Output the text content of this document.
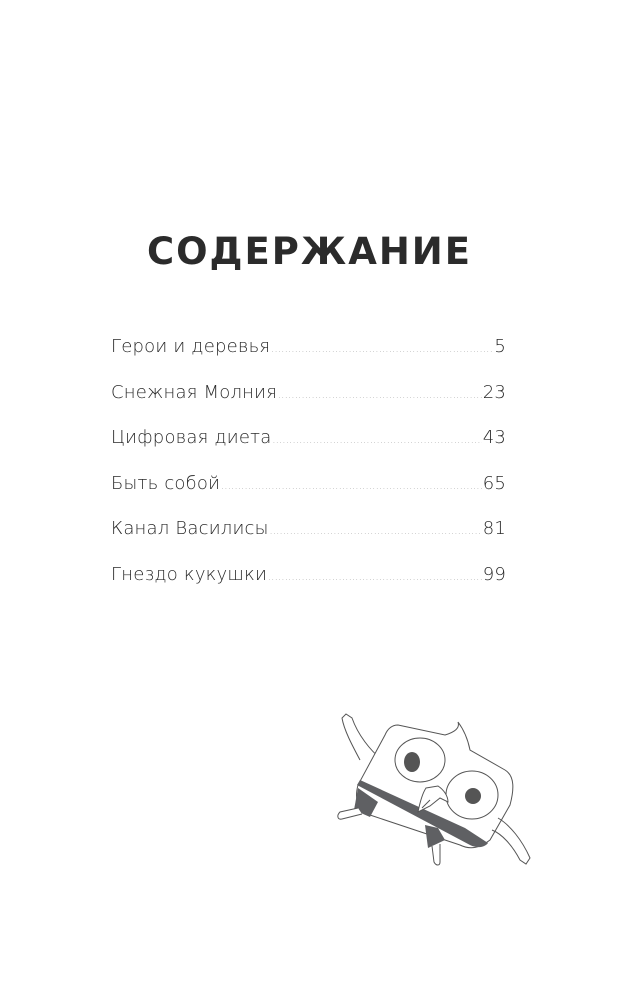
СОДЕРЖАНИЕ
Герои и деревья .....	5
Снежная Молния .....	23
Цифровая диета .....	43
Быть собой .....	65
Канал Василисы .....	81
Гнездо кукушки .....	99
